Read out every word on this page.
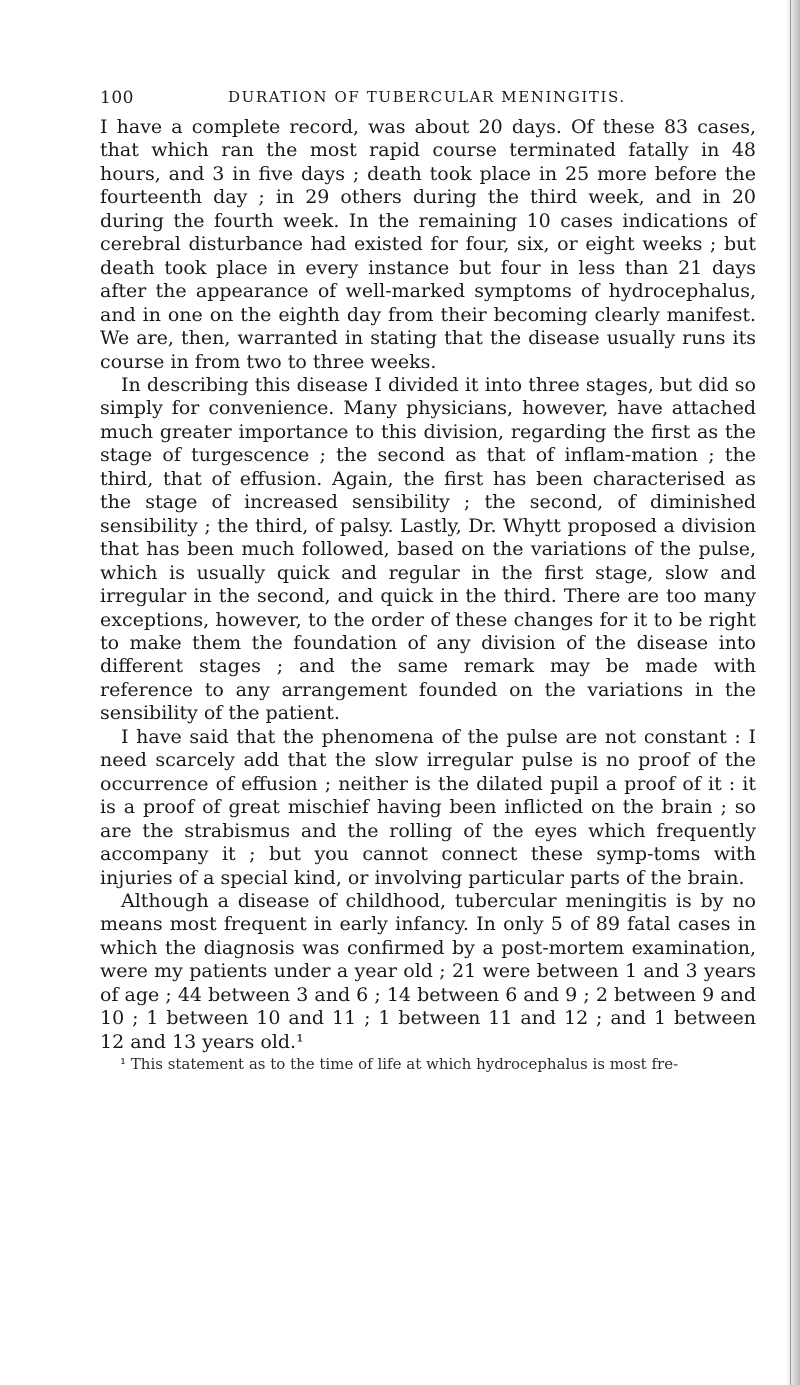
100	DURATION OF TUBERCULAR MENINGITIS.

I have a complete record, was about 20 days. Of these 83 cases, that which ran the most rapid course terminated fatally in 48 hours, and 3 in five days ; death took place in 25 more before the fourteenth day ; in 29 others during the third week, and in 20 during the fourth week. In the remaining 10 cases indications of cerebral disturbance had existed for four, six, or eight weeks ; but death took place in every instance but four in less than 21 days after the appearance of well-marked symptoms of hydrocephalus, and in one on the eighth day from their becoming clearly manifest. We are, then, warranted in stating that the disease usually runs its course in from two to three weeks.

In describing this disease I divided it into three stages, but did so simply for convenience. Many physicians, however, have attached much greater importance to this division, regarding the first as the stage of turgescence ; the second as that of inflam-mation ; the third, that of effusion. Again, the first has been characterised as the stage of increased sensibility ; the second, of diminished sensibility ; the third, of palsy. Lastly, Dr. Whytt proposed a division that has been much followed, based on the variations of the pulse, which is usually quick and regular in the first stage, slow and irregular in the second, and quick in the third. There are too many exceptions, however, to the order of these changes for it to be right to make them the foundation of any division of the disease into different stages ; and the same remark may be made with reference to any arrangement founded on the variations in the sensibility of the patient.

I have said that the phenomena of the pulse are not constant : I need scarcely add that the slow irregular pulse is no proof of the occurrence of effusion ; neither is the dilated pupil a proof of it : it is a proof of great mischief having been inflicted on the brain ; so are the strabismus and the rolling of the eyes which frequently accompany it ; but you cannot connect these symp-toms with injuries of a special kind, or involving particular parts of the brain.

Although a disease of childhood, tubercular meningitis is by no means most frequent in early infancy. In only 5 of 89 fatal cases in which the diagnosis was confirmed by a post-mortem examination, were my patients under a year old ; 21 were between 1 and 3 years of age ; 44 between 3 and 6 ; 14 between 6 and 9 ; 2 between 9 and 10 ; 1 between 10 and 11 ; 1 between 11 and 12 ; and 1 between 12 and 13 years old.¹

¹ This statement as to the time of life at which hydrocephalus is most fre-
